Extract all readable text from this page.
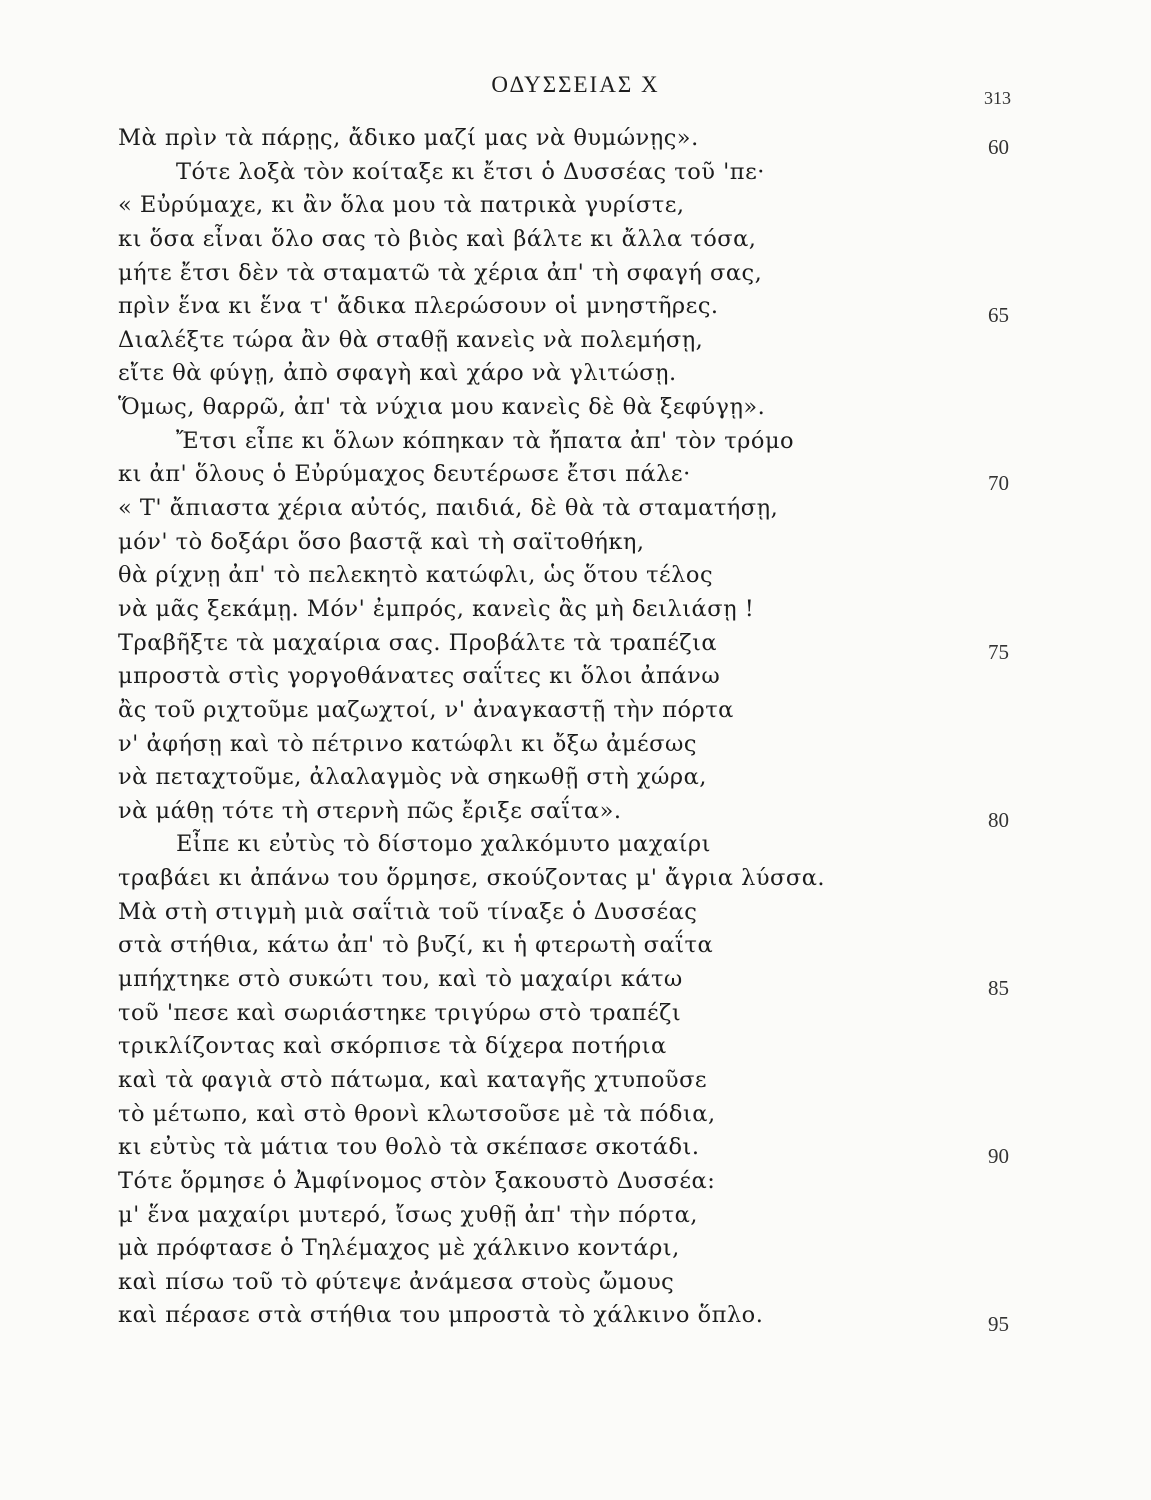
ΟΔΥΣΣΕΙΑΣ Χ
313
Μὰ πρὶν τὰ πάρῃς, ἄδικο μαζί μας νὰ θυμώνῃς».	60
Τότε λοξὰ τὸν κοίταξε κι ἔτσι ὁ Δυσσέας τοῦ 'πε·
« Εὐρύμαχε, κι ἂν ὅλα μου τὰ πατρικὰ γυρίστε,
κι ὅσα εἶναι ὅλο σας τὸ βιὸς καὶ βάλτε κι ἄλλα τόσα,
μήτε ἔτσι δὲν τὰ σταματῶ τὰ χέρια ἀπ' τὴ σφαγή σας,
πρὶν ἕνα κι ἕνα τ' ἄδικα πλερώσουν οἱ μνηστῆρες.	65
Διαλέξτε τώρα ἂν θὰ σταθῇ κανεὶς νὰ πολεμήσῃ,
εἴτε θὰ φύγῃ, ἀπὸ σφαγὴ καὶ χάρο νὰ γλιτώσῃ.
Ὅμως, θαρρῶ, ἀπ' τὰ νύχια μου κανεὶς δὲ θὰ ξεφύγῃ».
Ἔτσι εἶπε κι ὅλων κόπηκαν τὰ ἤπατα ἀπ' τὸν τρόμο
κι ἀπ' ὅλους ὁ Εὐρύμαχος δευτέρωσε ἔτσι πάλε·	70
« Τ' ἄπιαστα χέρια αὐτός, παιδιά, δὲ θὰ τὰ σταματήσῃ,
μόν' τὸ δοξάρι ὅσο βαστᾷ καὶ τὴ σαϊτοθήκη,
θὰ ρίχνῃ ἀπ' τὸ πελεκητὸ κατώφλι, ὡς ὅτου τέλος
νὰ μᾶς ξεκάμῃ. Μόν' ἐμπρός, κανεὶς ἂς μὴ δειλιάσῃ !
Τραβῆξτε τὰ μαχαίρια σας. Προβάλτε τὰ τραπέζια	75
μπροστὰ στὶς γοργοθάνατες σαΐτες κι ὅλοι ἀπάνω
ἂς τοῦ ριχτοῦμε μαζωχτοί, ν' ἀναγκαστῇ τὴν πόρτα
ν' ἀφήσῃ καὶ τὸ πέτρινο κατώφλι κι ὄξω ἀμέσως
νὰ πεταχτοῦμε, ἀλαλαγμὸς νὰ σηκωθῇ στὴ χώρα,
νὰ μάθῃ τότε τὴ στερνὴ πῶς ἔριξε σαΐτα».	80
Εἶπε κι εὐτὺς τὸ δίστομο χαλκόμυτο μαχαίρι
τραβάει κι ἀπάνω του ὅρμησε, σκούζοντας μ' ἄγρια λύσσα.
Μὰ στὴ στιγμὴ μιὰ σαΐτιὰ τοῦ τίναξε ὁ Δυσσέας
στὰ στήθια, κάτω ἀπ' τὸ βυζί, κι ἡ φτερωτὴ σαΐτα
μπήχτηκε στὸ συκώτι του, καὶ τὸ μαχαίρι κάτω	85
τοῦ 'πεσε καὶ σωριάστηκε τριγύρω στὸ τραπέζι
τρικλίζοντας καὶ σκόρπισε τὰ δίχερα ποτήρια
καὶ τὰ φαγιὰ στὸ πάτωμα, καὶ καταγῆς χτυποῦσε
τὸ μέτωπο, καὶ στὸ θρονὶ κλωτσοῦσε μὲ τὰ πόδια,
κι εὐτὺς τὰ μάτια του θολὸ τὰ σκέπασε σκοτάδι.	90
Τότε ὅρμησε ὁ Ἀμφίνομος στὸν ξακουστὸ Δυσσέα:
μ' ἕνα μαχαίρι μυτερό, ἴσως χυθῇ ἀπ' τὴν πόρτα,
μὰ πρόφτασε ὁ Τηλέμαχος μὲ χάλκινο κοντάρι,
καὶ πίσω τοῦ τὸ φύτεψε ἀνάμεσα στοὺς ὤμους
καὶ πέρασε στὰ στήθια του μπροστὰ τὸ χάλκινο ὅπλο.	95
